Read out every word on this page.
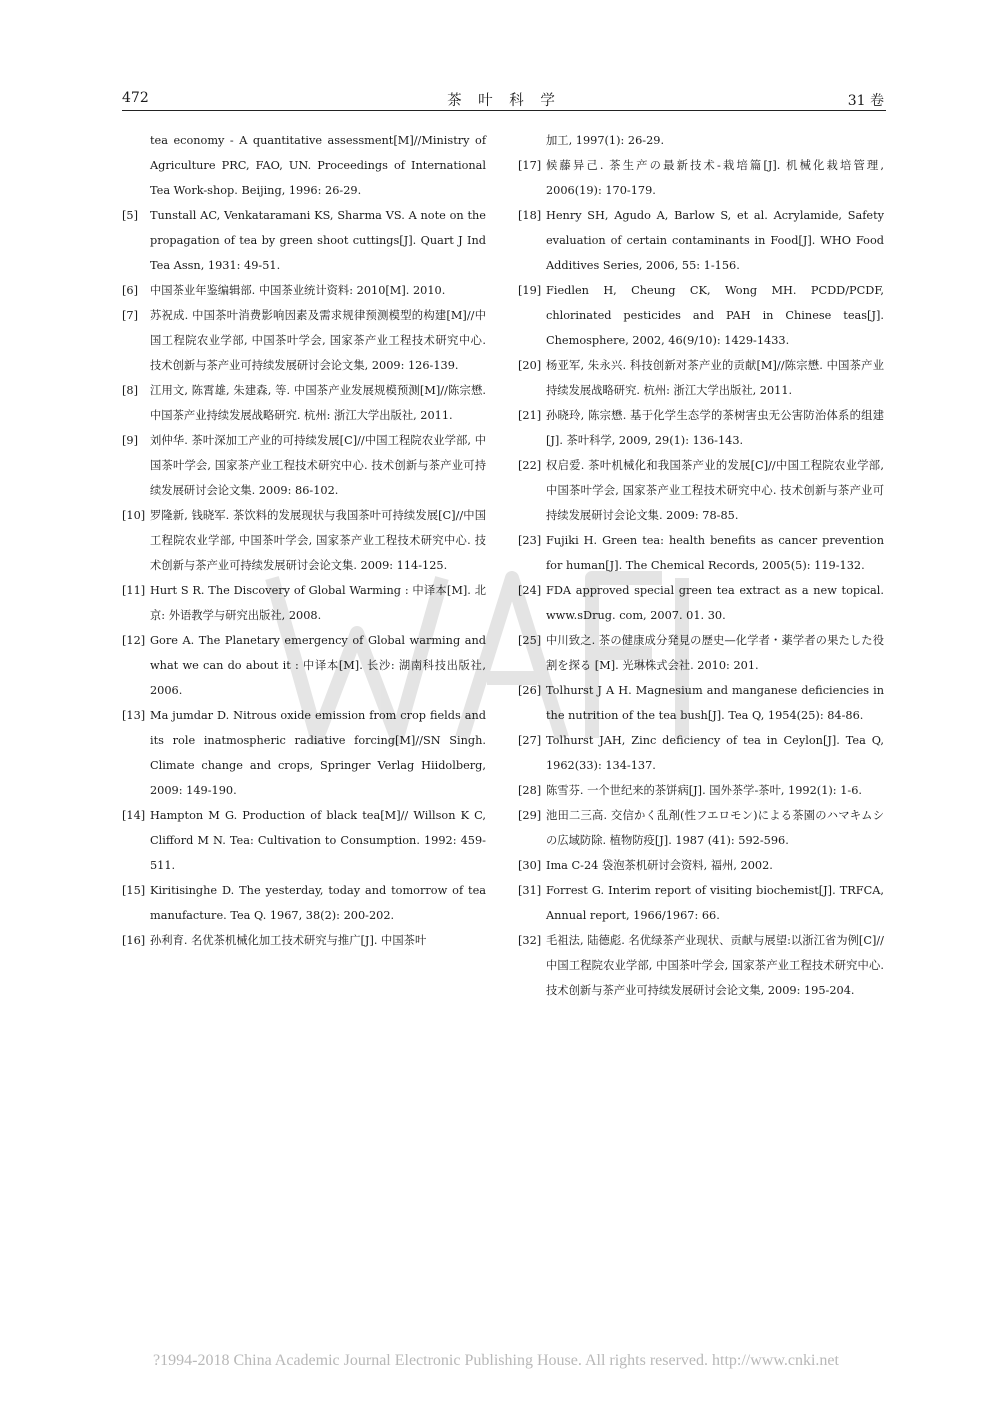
472	茶 叶 科 学	31 卷
tea economy - A quantitative assessment[M]//Ministry of Agriculture PRC, FAO, UN. Proceedings of International Tea Work-shop. Beijing, 1996: 26-29.
[5] Tunstall AC, Venkataramani KS, Sharma VS. A note on the propagation of tea by green shoot cuttings[J]. Quart J Ind Tea Assn, 1931: 49-51.
[6] 中国茶业年鉴编辑部. 中国茶业统计资料: 2010[M]. 2010.
[7] 苏祝成. 中国茶叶消费影响因素及需求规律预测模型的构建[M]//中国工程院农业学部, 中国茶叶学会, 国家茶产业工程技术研究中心. 技术创新与茶产业可持续发展研讨会论文集, 2009: 126-139.
[8] 江用文, 陈霄雄, 朱建森, 等. 中国茶产业发展规模预测[M]//陈宗懋. 中国茶产业持续发展战略研究. 杭州: 浙江大学出版社, 2011.
[9] 刘仲华. 茶叶深加工产业的可持续发展[C]//中国工程院农业学部, 中国茶叶学会, 国家茶产业工程技术研究中心. 技术创新与茶产业可持续发展研讨会论文集. 2009: 86-102.
[10] 罗隆新, 钱晓军. 茶饮料的发展现状与我国茶叶可持续发展[C]//中国工程院农业学部, 中国茶叶学会, 国家茶产业工程技术研究中心. 技术创新与茶产业可持续发展研讨会论文集. 2009: 114-125.
[11] Hurt S R. The Discovery of Global Warming : 中译本[M]. 北京: 外语教学与研究出版社, 2008.
[12] Gore A. The Planetary emergency of Global warming and what we can do about it : 中译本[M]. 长沙: 湖南科技出版社, 2006.
[13] Ma jumdar D. Nitrous oxide emission from crop fields and its role inatmospheric radiative forcing[M]//SN Singh. Climate change and crops, Springer Verlag Hiidolberg, 2009: 149-190.
[14] Hampton M G. Production of black tea[M]// Willson K C, Clifford M N. Tea: Cultivation to Consumption. 1992: 459-511.
[15] Kiritisinghe D. The yesterday, today and tomorrow of tea manufacture. Tea Q. 1967, 38(2): 200-202.
[16] 孙利育. 名优茶机械化加工技术研究与推广[J]. 中国茶叶
加工, 1997(1): 26-29.
[17] 候藤异己. 茶生产の最新技术-栽培篇[J]. 机械化栽培管理, 2006(19): 170-179.
[18] Henry SH, Agudo A, Barlow S, et al. Acrylamide, Safety evaluation of certain contaminants in Food[J]. WHO Food Additives Series, 2006, 55: 1-156.
[19] Fiedlen H, Cheung CK, Wong MH. PCDD/PCDF, chlorinated pesticides and PAH in Chinese teas[J]. Chemosphere, 2002, 46(9/10): 1429-1433.
[20] 杨亚军, 朱永兴. 科技创新对茶产业的贡献[M]//陈宗懋. 中国茶产业持续发展战略研究. 杭州: 浙江大学出版社, 2011.
[21] 孙晓玲, 陈宗懋. 基于化学生态学的茶树害虫无公害防治体系的组建[J]. 茶叶科学, 2009, 29(1): 136-143.
[22] 权启爱. 茶叶机械化和我国茶产业的发展[C]//中国工程院农业学部, 中国茶叶学会, 国家茶产业工程技术研究中心. 技术创新与茶产业可持续发展研讨会论文集. 2009: 78-85.
[23] Fujiki H. Green tea: health benefits as cancer prevention for human[J]. The Chemical Records, 2005(5): 119-132.
[24] FDA approved special green tea extract as a new topical. www.sDrug. com, 2007. 01. 30.
[25] 中川致之. 茶の健康成分発見の歴史—化学者・薬学者の果たした役割を探る [M]. 光琳株式会社. 2010: 201.
[26] Tolhurst J A H. Magnesium and manganese deficiencies in the nutrition of the tea bush[J]. Tea Q, 1954(25): 84-86.
[27] Tolhurst JAH, Zinc deficiency of tea in Ceylon[J]. Tea Q, 1962(33): 134-137.
[28] 陈雪芬. 一个世纪来的茶饼病[J]. 国外茶学-茶叶, 1992(1): 1-6.
[29] 池田二三高. 交信かく乱剤(性フエロモン)による茶園のハマキムシの広域防除. 植物防疫[J]. 1987 (41): 592-596.
[30] Ima C-24 袋泡茶机研讨会资料, 福州, 2002.
[31] Forrest G. Interim report of visiting biochemist[J]. TRFCA, Annual report, 1966/1967: 66.
[32] 毛祖法, 陆德彪. 名优绿茶产业现状、贡献与展望:以浙江省为例[C]//中国工程院农业学部, 中国茶叶学会, 国家茶产业工程技术研究中心. 技术创新与茶产业可持续发展研讨会论文集, 2009: 195-204.
?1994-2018 China Academic Journal Electronic Publishing House. All rights reserved. http://www.cnki.net
